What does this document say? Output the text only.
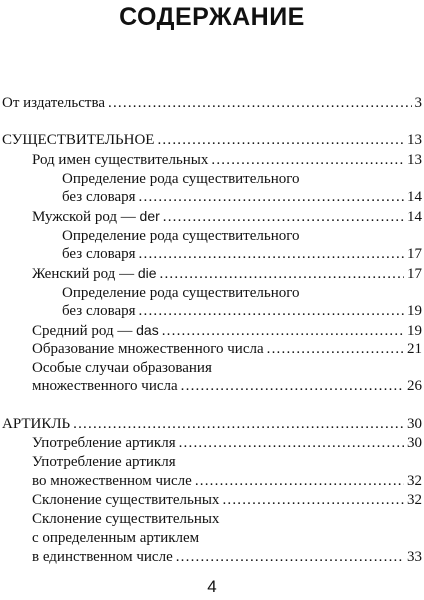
СОДЕРЖАНИЕ
От издательства .....	3
СУЩЕСТВИТЕЛЬНОЕ .....	13
Род имен существительных .....	13
Определение рода существительного
без словаря .....	14
Мужской род — der .....	14
Определение рода существительного
без словаря .....	17
Женский род — die .....	17
Определение рода существительного
без словаря .....	19
Средний род — das .....	19
Образование множественного числа .....	21
Особые случаи образования
множественного числа .....	26
АРТИКЛЬ .....	30
Употребление артикля .....	30
Употребление артикля
во множественном числе .....	32
Склонение существительных .....	32
Склонение существительных
с определенным артиклем
в единственном числе .....	33
4
